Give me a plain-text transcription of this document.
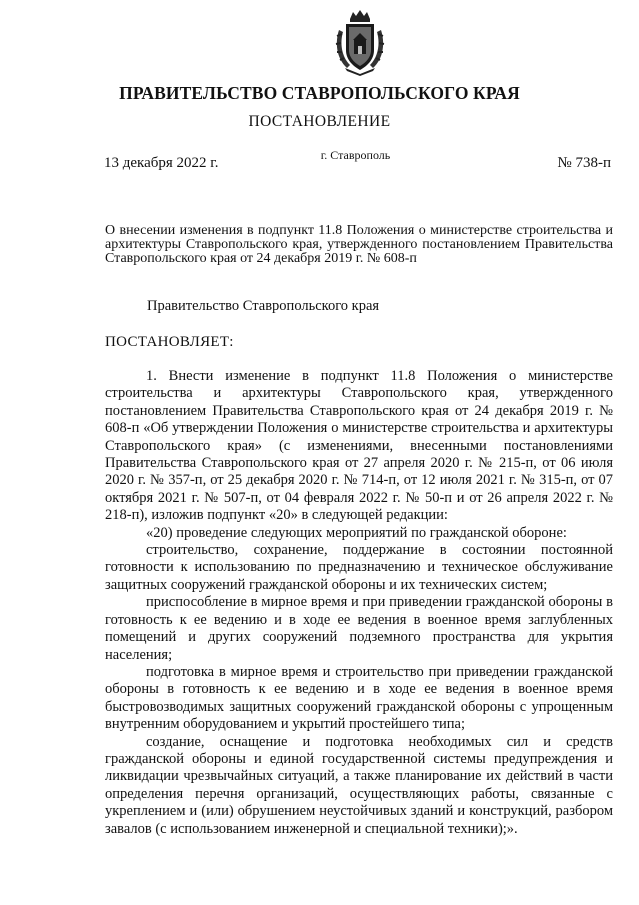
ПРАВИТЕЛЬСТВО СТАВРОПОЛЬСКОГО КРАЯ
ПОСТАНОВЛЕНИЕ
г. Ставрополь
13 декабря 2022 г.	№ 738-п
О внесении изменения в подпункт 11.8 Положения о министерстве строительства и архитектуры Ставропольского края, утвержденного постановлением Правительства Ставропольского края от 24 декабря 2019 г. № 608-п
Правительство Ставропольского края
ПОСТАНОВЛЯЕТ:

1. Внести изменение в подпункт 11.8 Положения о министерстве строительства и архитектуры Ставропольского края, утвержденного постановлением Правительства Ставропольского края от 24 декабря 2019 г. № 608-п «Об утверждении Положения о министерстве строительства и архитектуры Ставропольского края» (с изменениями, внесенными постановлениями Правительства Ставропольского края от 27 апреля 2020 г. № 215-п, от 06 июля 2020 г. № 357-п, от 25 декабря 2020 г. № 714-п, от 12 июля 2021 г. № 315-п, от 07 октября 2021 г. № 507-п, от 04 февраля 2022 г. № 50-п и от 26 апреля 2022 г. № 218-п), изложив подпункт «20» в следующей редакции:

«20) проведение следующих мероприятий по гражданской обороне:

строительство, сохранение, поддержание в состоянии постоянной готовности к использованию по предназначению и техническое обслуживание защитных сооружений гражданской обороны и их технических систем;

приспособление в мирное время и при приведении гражданской обороны в готовность к ее ведению и в ходе ее ведения в военное время заглубленных помещений и других сооружений подземного пространства для укрытия населения;

подготовка в мирное время и строительство при приведении гражданской обороны в готовность к ее ведению и в ходе ее ведения в военное время быстровозводимых защитных сооружений гражданской обороны с упрощенным внутренним оборудованием и укрытий простейшего типа;

создание, оснащение и подготовка необходимых сил и средств гражданской обороны и единой государственной системы предупреждения и ликвидации чрезвычайных ситуаций, а также планирование их действий в части определения перечня организаций, осуществляющих работы, связанные с укреплением и (или) обрушением неустойчивых зданий и конструкций, разбором завалов (с использованием инженерной и специальной техники);».
